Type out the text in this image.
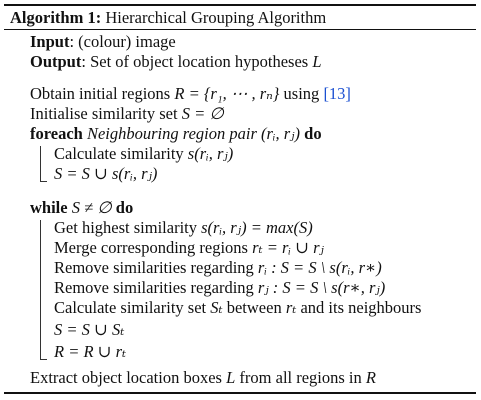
Algorithm 1: Hierarchical Grouping Algorithm
Input: (colour) image
Output: Set of object location hypotheses L
Obtain initial regions R = {r₁, ⋯ , rₙ} using [13]
Initialise similarity set S = ∅
foreach Neighbouring region pair (rᵢ, rⱼ) do
Calculate similarity s(rᵢ, rⱼ)
S = S ∪ s(rᵢ, rⱼ)
while S ≠ ∅ do
Get highest similarity s(rᵢ, rⱼ) = max(S)
Merge corresponding regions rₜ = rᵢ ∪ rⱼ
Remove similarities regarding rᵢ : S = S \ s(rᵢ, r∗)
Remove similarities regarding rⱼ : S = S \ s(r∗, rⱼ)
Calculate similarity set Sₜ between rₜ and its neighbours
S = S ∪ Sₜ
R = R ∪ rₜ
Extract object location boxes L from all regions in R
